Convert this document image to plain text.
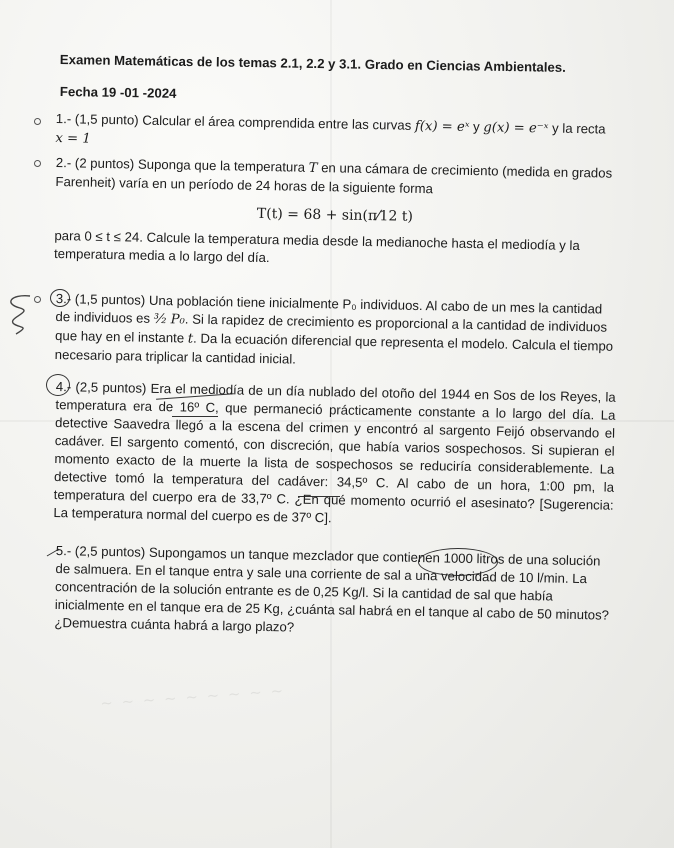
Examen Matemáticas de los temas 2.1, 2.2 y 3.1. Grado en Ciencias Ambientales.
Fecha 19 -01 -2024

1.- (1,5 punto) Calcular el área comprendida entre las curvas f(x) = eˣ y g(x) = e⁻ˣ y la recta
x = 1

2.- (2 puntos) Suponga que la temperatura T en una cámara de crecimiento (medida en grados Farenheit) varía en un período de 24 horas de la siguiente forma

T(t) = 68 + sin(π⁄12 t)

para 0 ≤ t ≤ 24. Calcule la temperatura media desde la medianoche hasta el mediodía y la temperatura media a lo largo del día.

3.- (1,5 puntos) Una población tiene inicialmente P₀ individuos. Al cabo de un mes la cantidad de individuos es ³⁄₂ P₀. Si la rapidez de crecimiento es proporcional a la cantidad de individuos que hay en el instante t. Da la ecuación diferencial que representa el modelo. Calcula el tiempo necesario para triplicar la cantidad inicial.

4.- (2,5 puntos) Era el mediodía de un día nublado del otoño del 1944 en Sos de los Reyes, la temperatura era de 16º C, que permaneció prácticamente constante a lo largo del día. La detective Saavedra llegó a la escena del crimen y encontró al sargento Feijó observando el cadáver. El sargento comentó, con discreción, que había varios sospechosos. Si supieran el momento exacto de la muerte la lista de sospechosos se reduciría considerablemente. La detective tomó la temperatura del cadáver: 34,5º C. Al cabo de un hora, 1:00 pm, la temperatura del cuerpo era de 33,7º C. ¿En qué momento ocurrió el asesinato? [Sugerencia: La temperatura normal del cuerpo es de 37º C].
5.- (2,5 puntos) Supongamos un tanque mezclador que contienen 1000 litros de una solución de salmuera. En el tanque entra y sale una corriente de sal a una velocidad de 10 l/min. La concentración de la solución entrante es de 0,25 Kg/l. Si la cantidad de sal que había inicialmente en el tanque era de 25 Kg, ¿cuánta sal habrá en el tanque al cabo de 50 minutos? ¿Demuestra cuánta habrá a largo plazo?
~ ~ ~ ~ ~ ~ ~ ~ ~
